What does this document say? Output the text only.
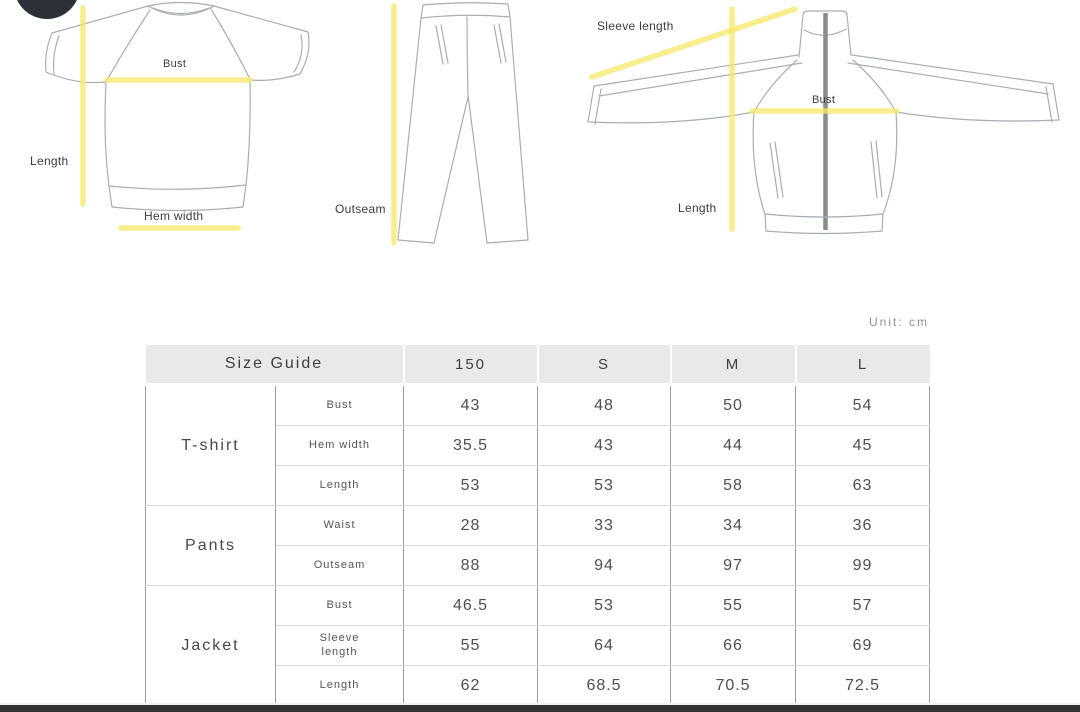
Bust
Length
Hem width	Outseam
Sleeve length
Bust
Length
Unit: cm
Size Guide		150	S	M	L
T-shirt	Bust	43	48	50	54
	Hem width	35.5	43	44	45
	Length	53	53	58	63
Pants	Waist	28	33	34	36
	Outseam	88	94	97	99
Jacket	Bust	46.5	53	55	57
	Sleeve length	55	64	66	69
	Length	62	68.5	70.5	72.5
